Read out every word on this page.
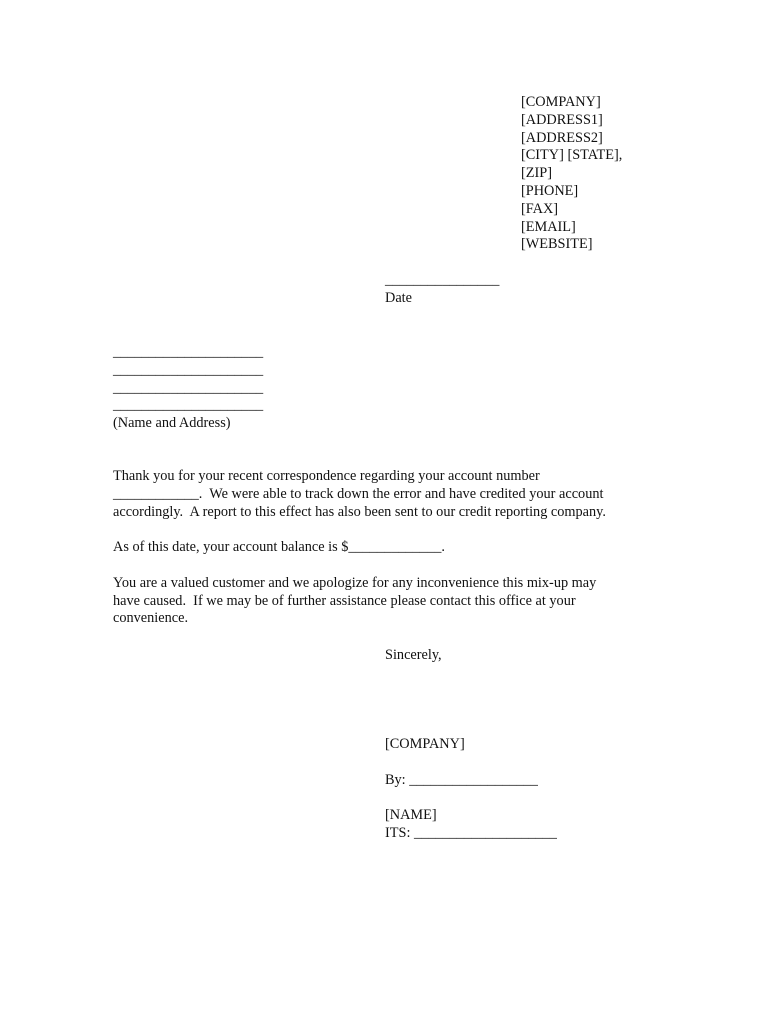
[COMPANY]
[ADDRESS1]
[ADDRESS2]
[CITY] [STATE],
[ZIP]
[PHONE]
[FAX]
[EMAIL]
[WEBSITE]
________________
Date
_____________________
_____________________
_____________________
_____________________
(Name and Address)

Thank you for your recent correspondence regarding your account number
____________.  We were able to track down the error and have credited your account
accordingly.  A report to this effect has also been sent to our credit reporting company.

As of this date, your account balance is $_____________.

You are a valued customer and we apologize for any inconvenience this mix-up may
have caused.  If we may be of further assistance please contact this office at your
convenience.

Sincerely,
[COMPANY]
By: __________________
[NAME]
ITS: ____________________
